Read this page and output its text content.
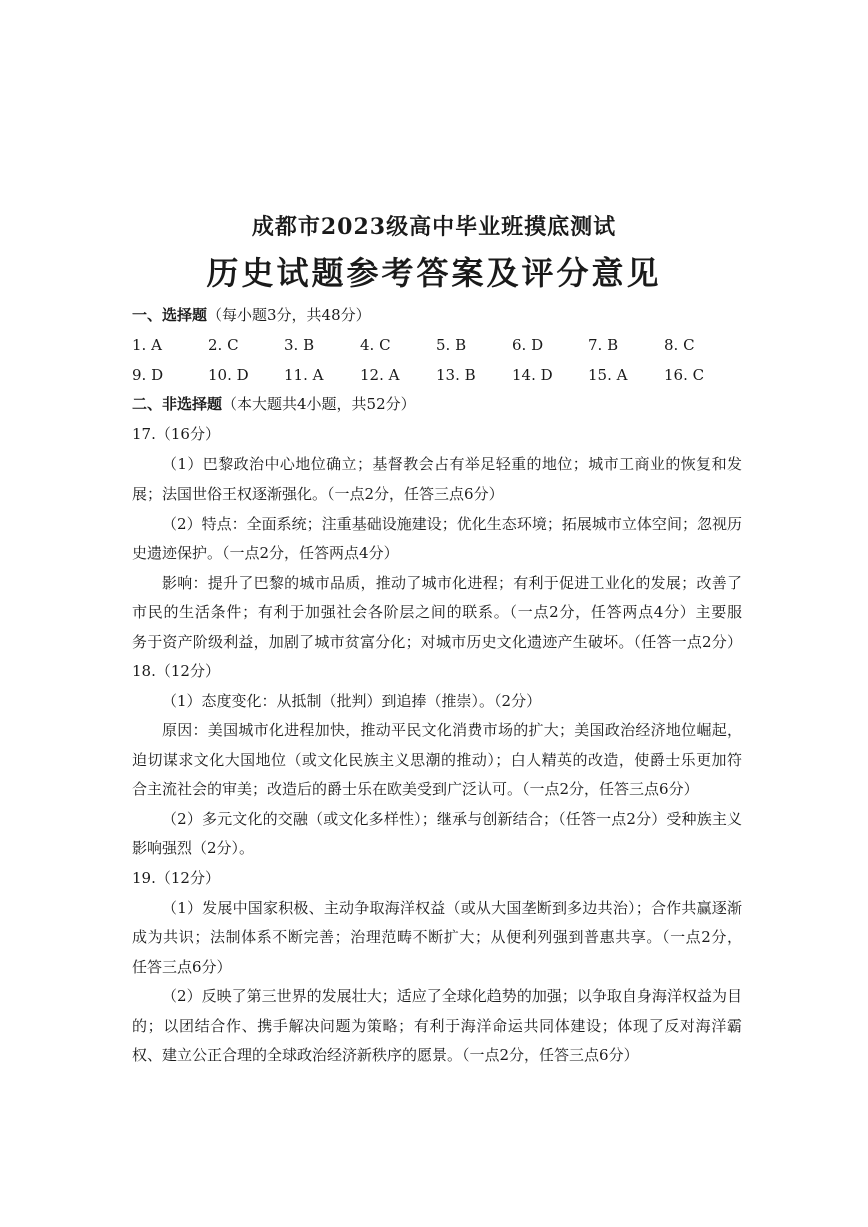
成都市2023级高中毕业班摸底测试
历史试题参考答案及评分意见
一、选择题（每小题3分，共48分）
1. A	2. C	3. B	4. C	5. B	6. D	7. B	8. C
9. D	10. D 11. A 12. A 13. B 14. D 15. A 16. C
二、非选择题（本大题共4小题，共52分）
17.（16分）
（1）巴黎政治中心地位确立；基督教会占有举足轻重的地位；城市工商业的恢复和发
展；法国世俗王权逐渐强化。（一点2分，任答三点6分）
（2）特点：全面系统；注重基础设施建设；优化生态环境；拓展城市立体空间；忽视历
史遗迹保护。（一点2分，任答两点4分）
影响：提升了巴黎的城市品质，推动了城市化进程；有利于促进工业化的发展；改善了
市民的生活条件；有利于加强社会各阶层之间的联系。（一点2分，任答两点4分）主要服
务于资产阶级利益，加剧了城市贫富分化；对城市历史文化遗迹产生破坏。（任答一点2分）
18.（12分）
（1）态度变化：从抵制（批判）到追捧（推崇）。（2分）
原因：美国城市化进程加快，推动平民文化消费市场的扩大；美国政治经济地位崛起，
迫切谋求文化大国地位（或文化民族主义思潮的推动）；白人精英的改造，使爵士乐更加符
合主流社会的审美；改造后的爵士乐在欧美受到广泛认可。（一点2分，任答三点6分）
（2）多元文化的交融（或文化多样性）；继承与创新结合；（任答一点2分）受种族主义
影响强烈（2分）。
19.（12分）
（1）发展中国家积极、主动争取海洋权益（或从大国垄断到多边共治）；合作共赢逐渐
成为共识；法制体系不断完善；治理范畴不断扩大；从便利列强到普惠共享。（一点2分，
任答三点6分）
（2）反映了第三世界的发展壮大；适应了全球化趋势的加强；以争取自身海洋权益为目
的；以团结合作、携手解决问题为策略；有利于海洋命运共同体建设；体现了反对海洋霸
权、建立公正合理的全球政治经济新秩序的愿景。（一点2分，任答三点6分）
